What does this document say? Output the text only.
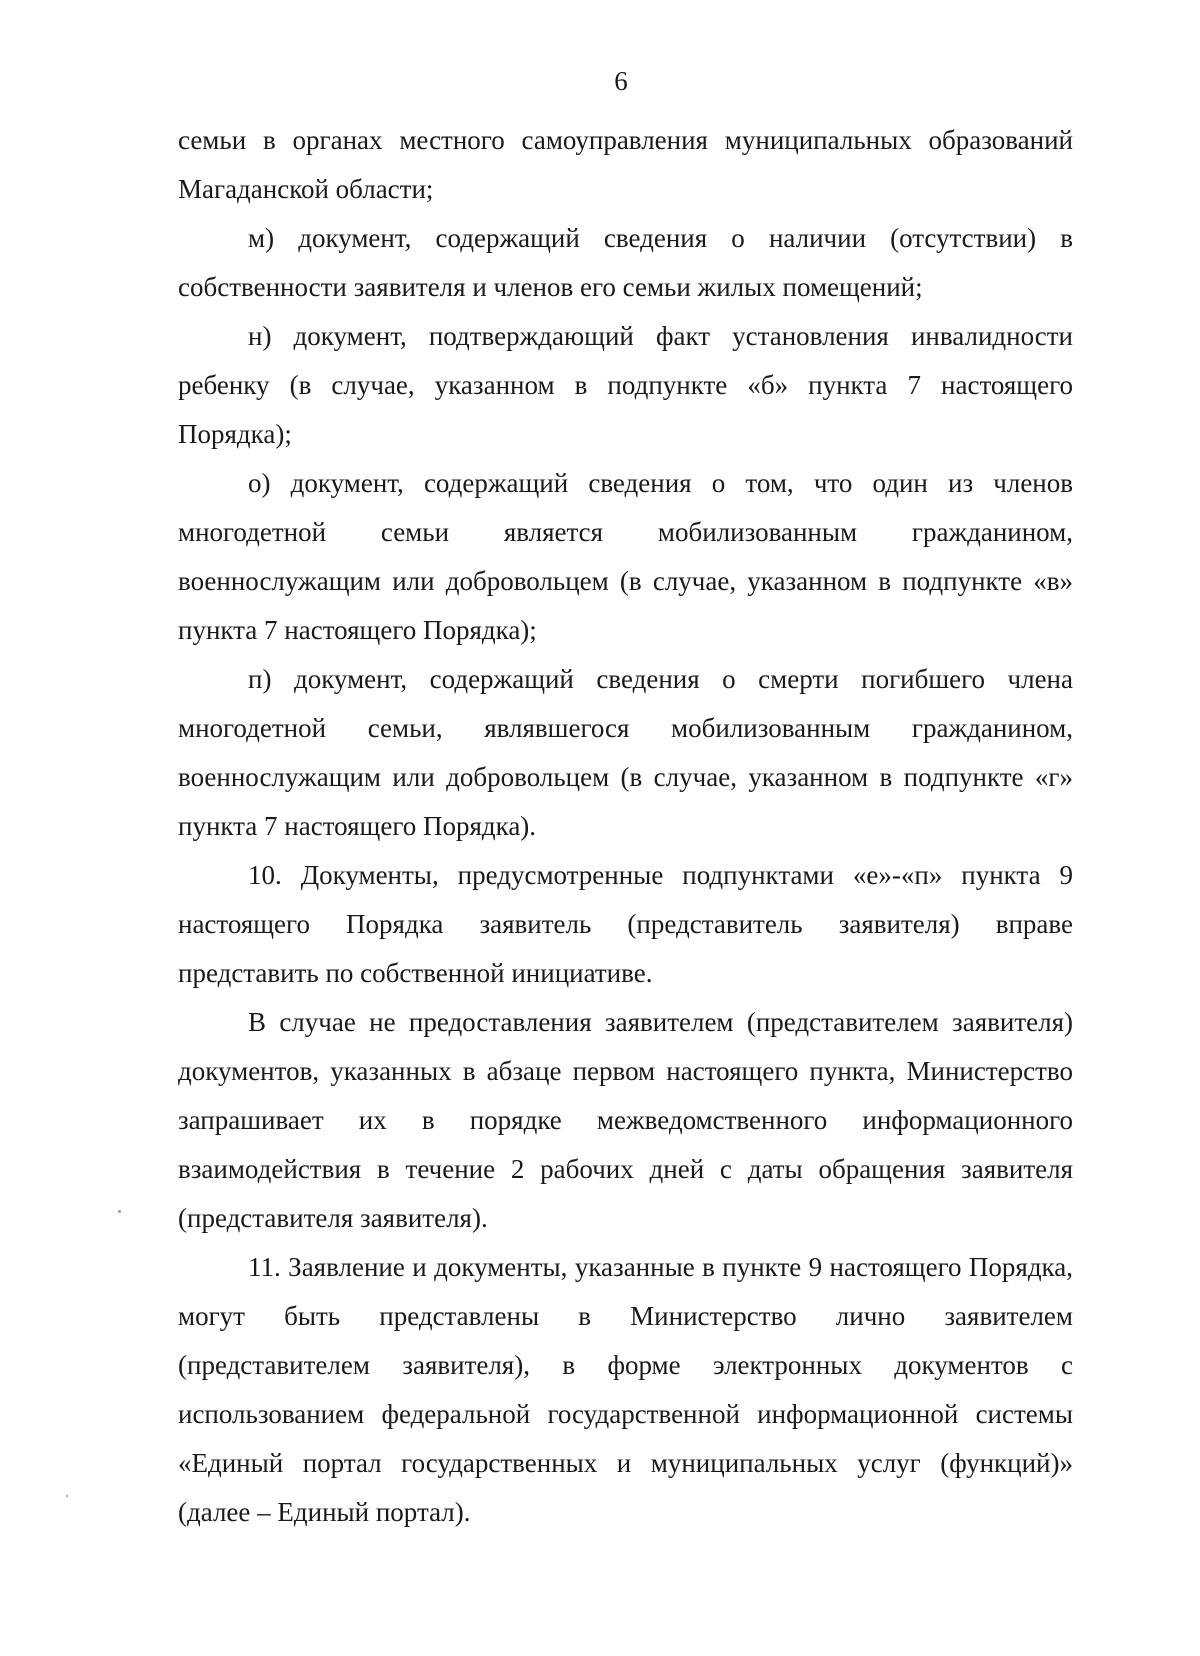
6

семьи в органах местного самоуправления муниципальных образований Магаданской области;

м) документ, содержащий сведения о наличии (отсутствии) в собственности заявителя и членов его семьи жилых помещений;

н) документ, подтверждающий факт установления инвалидности ребенку (в случае, указанном в подпункте «б» пункта 7 настоящего Порядка);

о) документ, содержащий сведения о том, что один из членов многодетной семьи является мобилизованным гражданином, военнослужащим или добровольцем (в случае, указанном в подпункте «в» пункта 7 настоящего Порядка);

п) документ, содержащий сведения о смерти погибшего члена многодетной семьи, являвшегося мобилизованным гражданином, военнослужащим или добровольцем (в случае, указанном в подпункте «г» пункта 7 настоящего Порядка).

10. Документы, предусмотренные подпунктами «е»-«п» пункта 9 настоящего Порядка заявитель (представитель заявителя) вправе представить по собственной инициативе.

В случае не предоставления заявителем (представителем заявителя) документов, указанных в абзаце первом настоящего пункта, Министерство запрашивает их в порядке межведомственного информационного взаимодействия в течение 2 рабочих дней с даты обращения заявителя (представителя заявителя).

11. Заявление и документы, указанные в пункте 9 настоящего Порядка, могут быть представлены в Министерство лично заявителем (представителем заявителя), в форме электронных документов с использованием федеральной государственной информационной системы «Единый портал государственных и муниципальных услуг (функций)» (далее – Единый портал).
